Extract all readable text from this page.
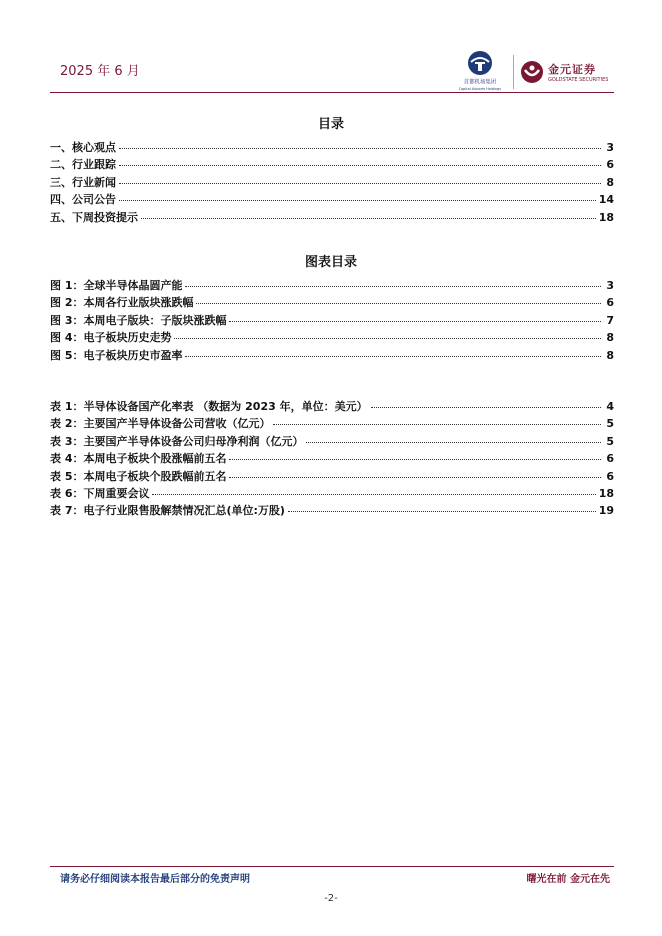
2025 年 6 月
首都机场集团
Capital Airports Holdings
金元证券
GOLDSTATE SECURITIES
目录
一、核心观点	3
二、行业跟踪	6
三、行业新闻	8
四、公司公告	14
五、下周投资提示	18
图表目录
图 1：全球半导体晶圆产能	3
图 2：本周各行业版块涨跌幅	6
图 3：本周电子版块：子版块涨跌幅	7
图 4：电子板块历史走势	8
图 5：电子板块历史市盈率	8
表 1：半导体设备国产化率表 （数据为 2023 年，单位：美元）	4
表 2：主要国产半导体设备公司营收（亿元）	5
表 3：主要国产半导体设备公司归母净利润（亿元）	5
表 4：本周电子板块个股涨幅前五名	6
表 5：本周电子板块个股跌幅前五名	6
表 6：下周重要会议	18
表 7：电子行业限售股解禁情况汇总(单位:万股)	19
请务必仔细阅读本报告最后部分的免责声明	曙光在前 金元在先
-2-
